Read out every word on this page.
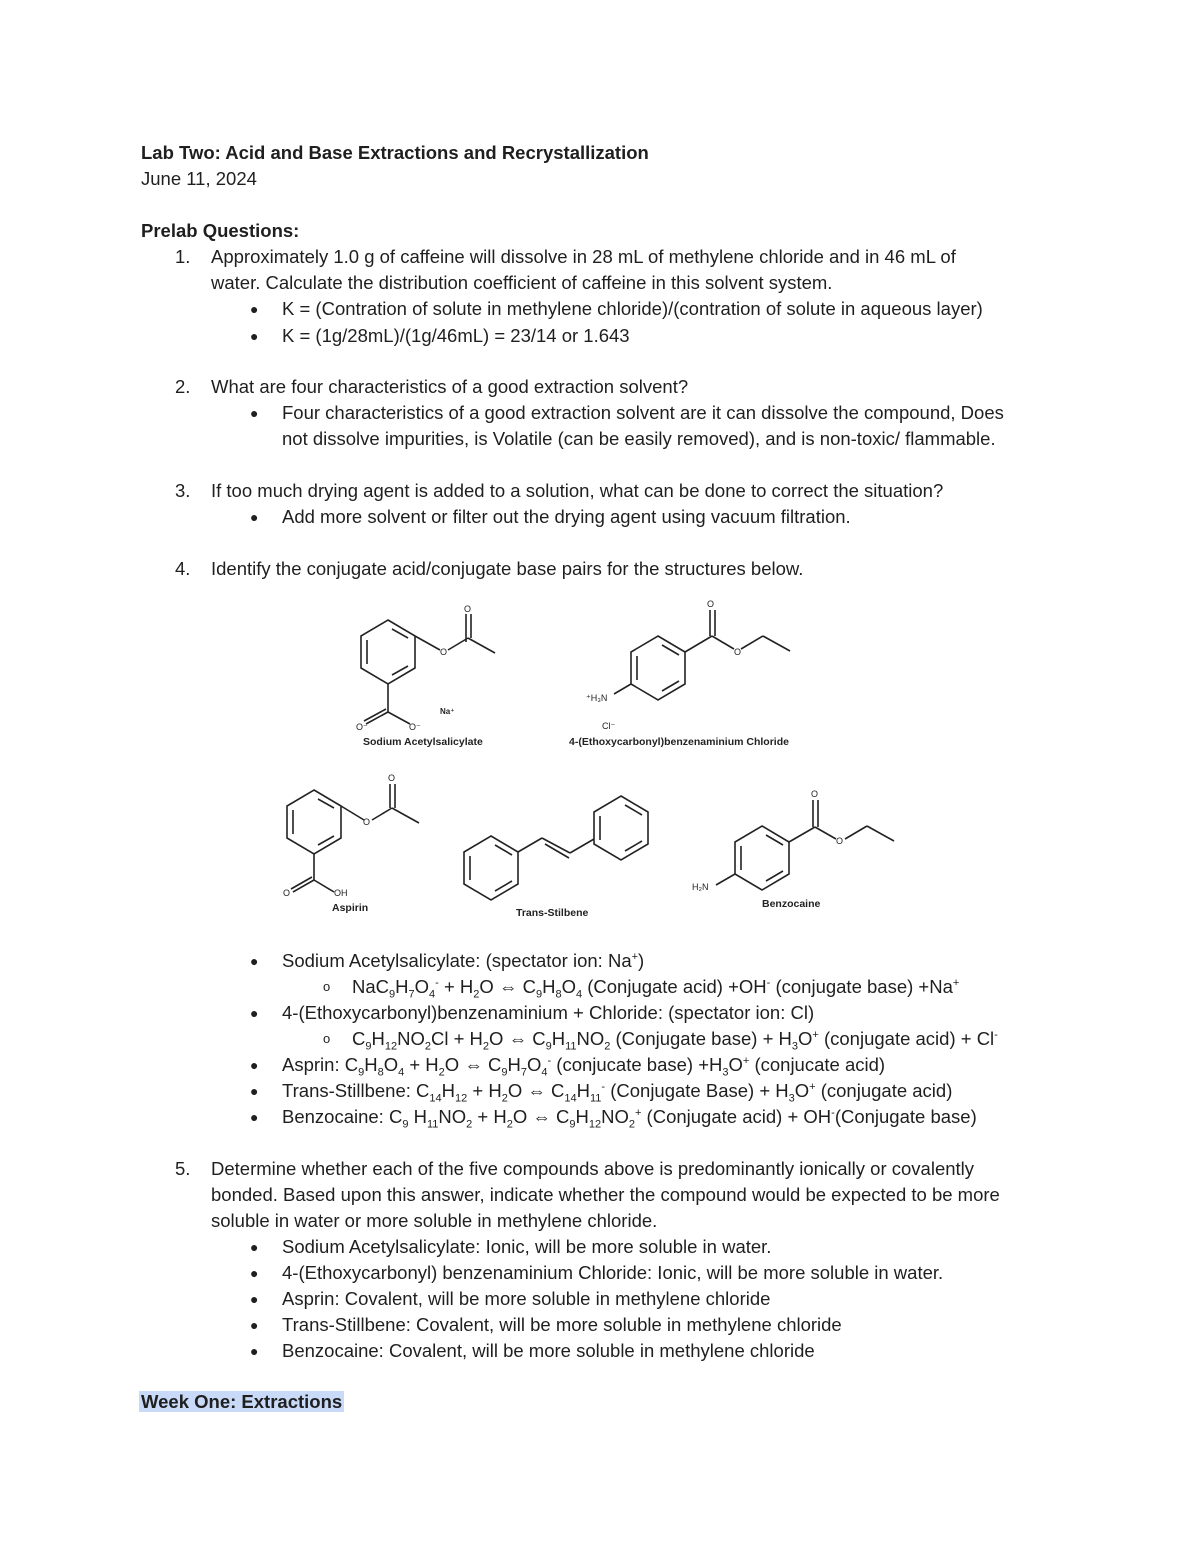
Lab Two: Acid and Base Extractions and Recrystallization
June 11, 2024
Prelab Questions:
1. Approximately 1.0 g of caffeine will dissolve in 28 mL of methylene chloride and in 46 mL of
water. Calculate the distribution coefficient of caffeine in this solvent system.
● K = (Contration of solute in methylene chloride)/(contration of solute in aqueous layer)
● K = (1g/28mL)/(1g/46mL) = 23/14 or 1.643
2. What are four characteristics of a good extraction solvent?
● Four characteristics of a good extraction solvent are it can dissolve the compound, Does
not dissolve impurities, is Volatile (can be easily removed), and is non-toxic/ flammable.
3. If too much drying agent is added to a solution, what can be done to correct the situation?
● Add more solvent or filter out the drying agent using vacuum filtration.
4. Identify the conjugate acid/conjugate base pairs for the structures below.
O
O
O⁻	O⁻
Na⁺
O
O
⁺H₃N
Cl⁻
O
O
O	OH
O
O
H₂N
Sodium Acetylsalicylate	4-(Ethoxycarbonyl)benzenaminium Chloride
Aspirin	Trans-Stilbene
Benzocaine
● Sodium Acetylsalicylate: (spectator ion: Na+)
o $NaC_9H_7O_4^- + H_2O$ ⇔ $C_9H_8O_4$ (Conjugate acid) +OH- (conjugate base) +Na+
● 4-(Ethoxycarbonyl)benzenaminium + Chloride: (spectator ion: Cl)
o $C_9H_{12}NO_2Cl + H_2O$ ⇔ $C_9H_{11}NO_2$ (Conjugate base) + $H_3O^+$ (conjugate acid) + Cl-
● Asprin: $C_9H_8O_4 + H_2O$ ⇔ $C_9H_7O_4^-$ (conjucate base) $+H_3O^+$ (conjucate acid)
● Trans-Stillbene: $C_{14}H_{12} + H_2O$ ⇔ $C_{14}H_{11}^-$ (Conjugate Base) + $H_3O^+$ (conjugate acid)
● Benzocaine: $C_9$ $H_{11}NO_2 + H_2O$ ⇔ $C_9H_{12}NO_2^+$ (Conjugate acid) + OH-(Conjugate base)
5. Determine whether each of the five compounds above is predominantly ionically or covalently
bonded. Based upon this answer, indicate whether the compound would be expected to be more
soluble in water or more soluble in methylene chloride.
● Sodium Acetylsalicylate: Ionic, will be more soluble in water.
● 4-(Ethoxycarbonyl) benzenaminium Chloride: Ionic, will be more soluble in water.
● Asprin: Covalent, will be more soluble in methylene chloride
● Trans-Stillbene: Covalent, will be more soluble in methylene chloride
● Benzocaine: Covalent, will be more soluble in methylene chloride
Week One: Extractions
